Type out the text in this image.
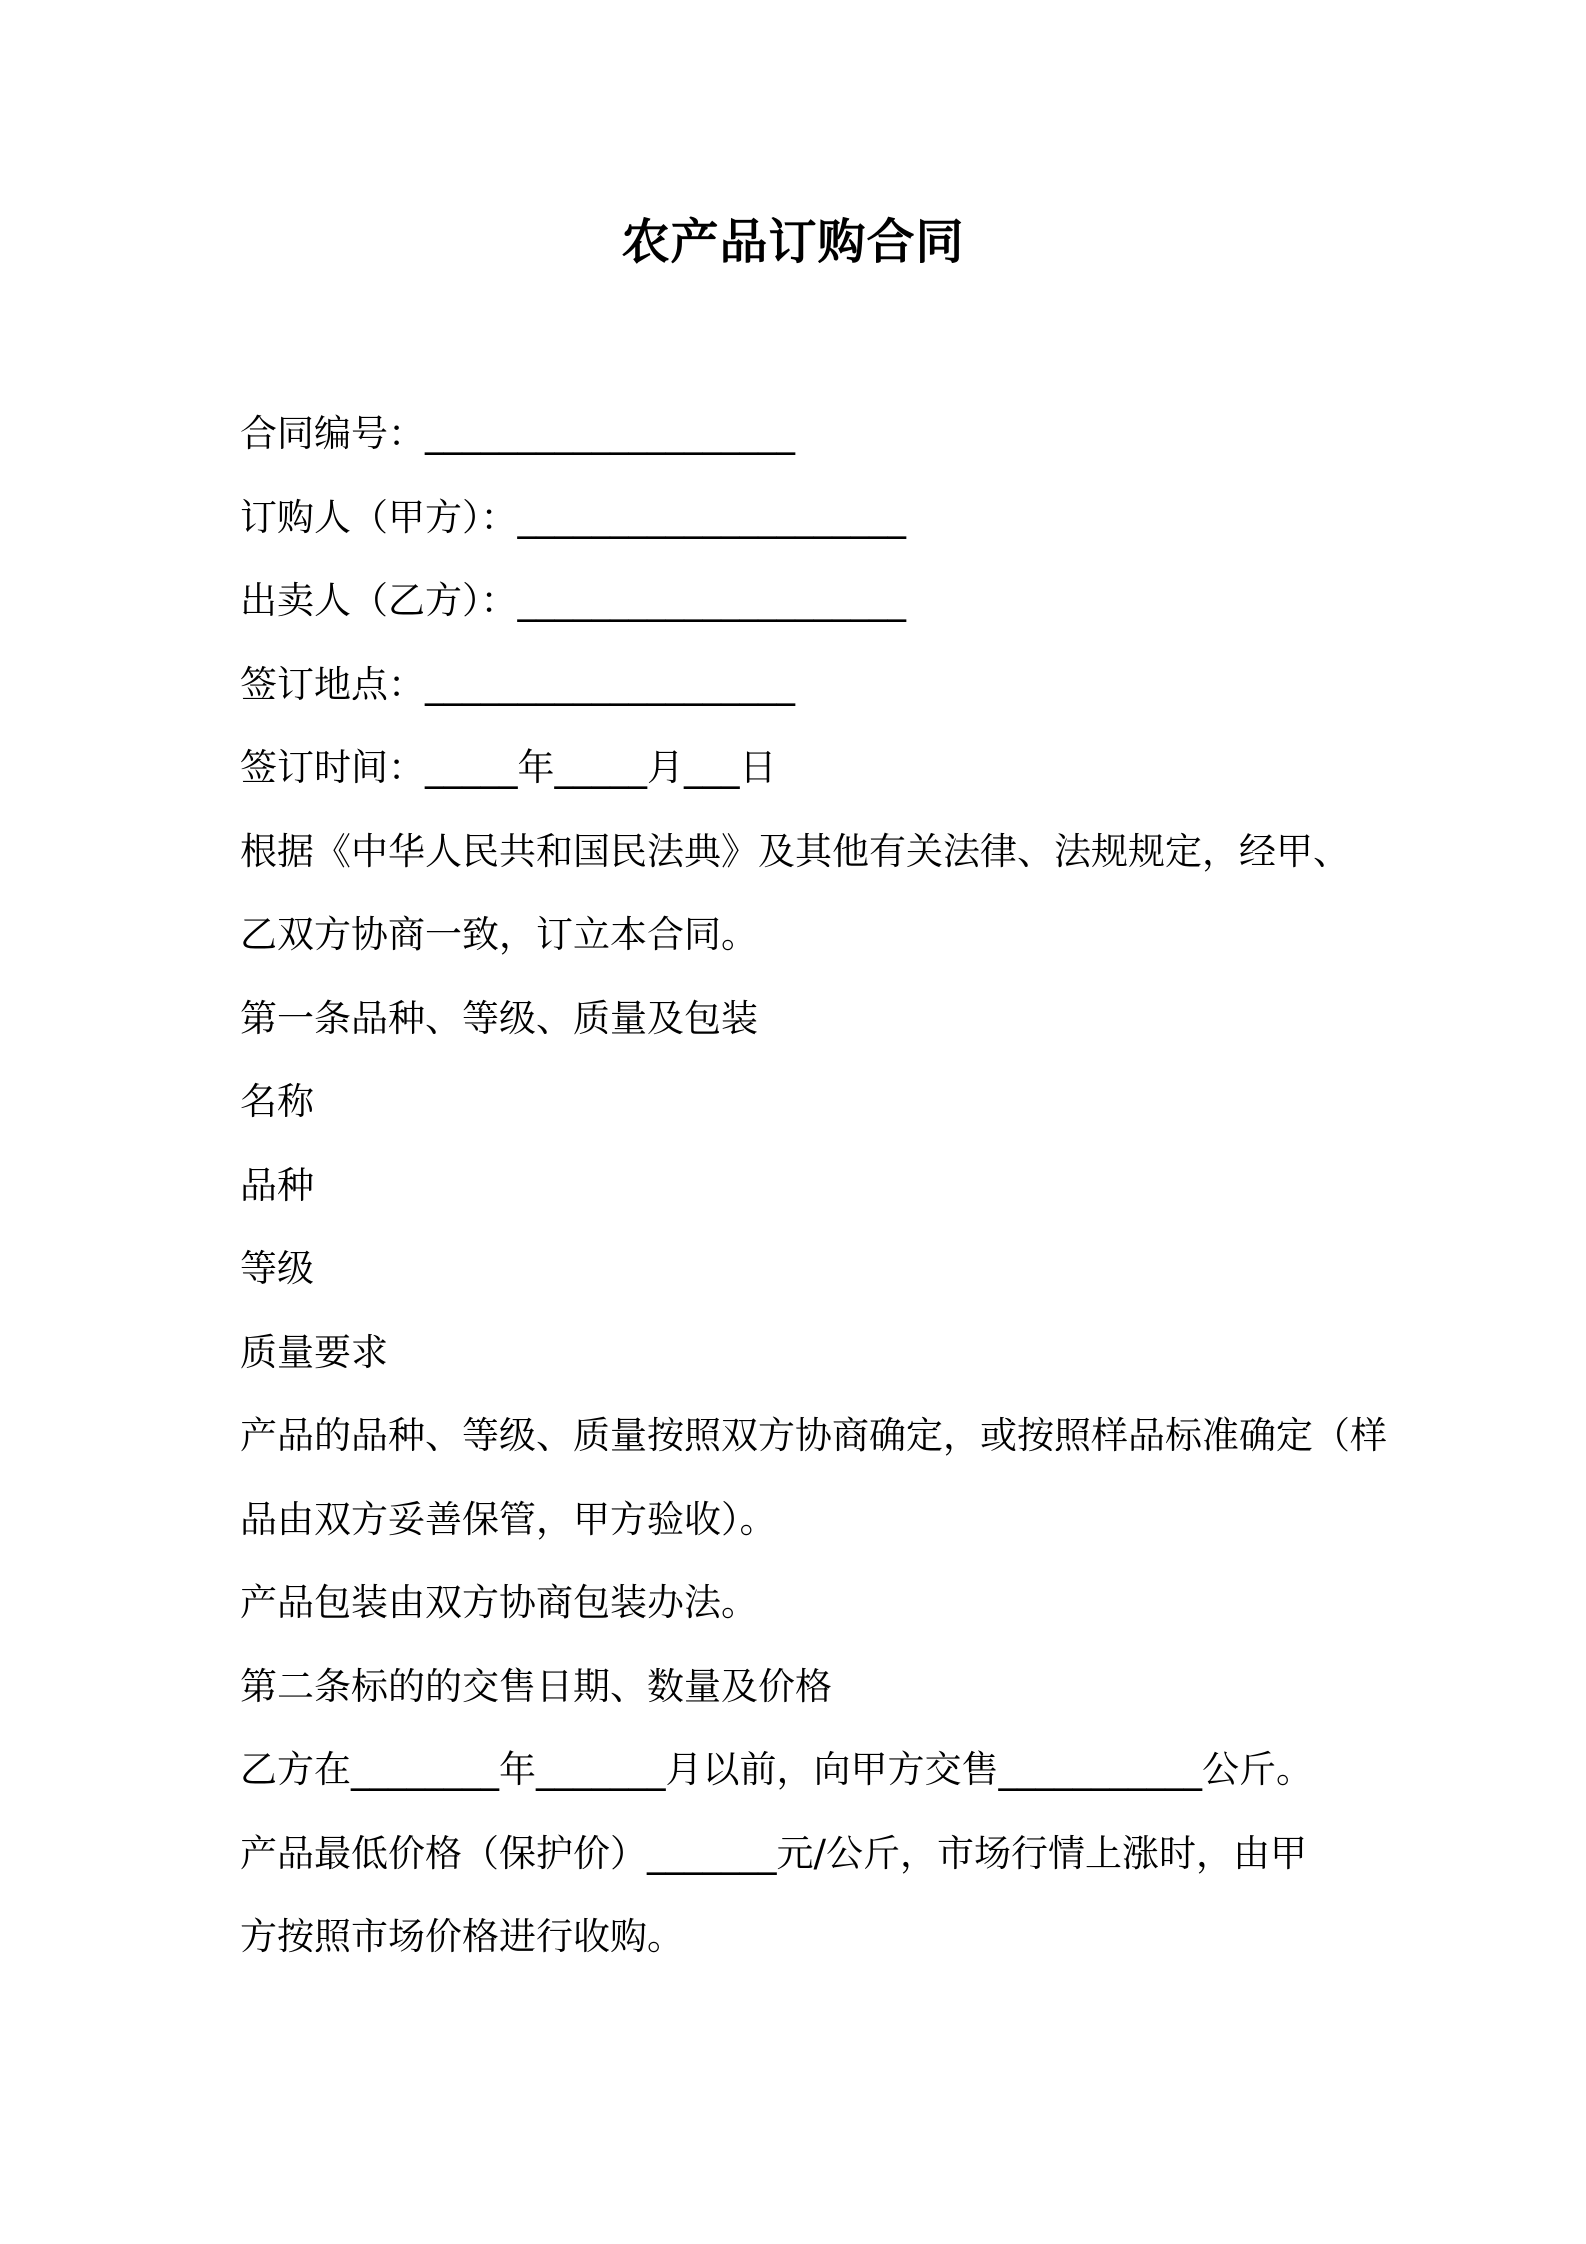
农产品订购合同
合同编号：____________________
订购人（甲方）：_____________________
出卖人（乙方）：_____________________
签订地点：____________________
签订时间：_____年_____月___日
根据《中华人民共和国民法典》及其他有关法律、法规规定，经甲、
乙双方协商一致，订立本合同。
第一条品种、等级、质量及包装
名称
品种
等级
质量要求
产品的品种、等级、质量按照双方协商确定，或按照样品标准确定（样
品由双方妥善保管，甲方验收）。
产品包装由双方协商包装办法。
第二条标的的交售日期、数量及价格
乙方在________年_______月以前，向甲方交售___________公斤。
产品最低价格（保护价）_______元/公斤，市场行情上涨时，由甲
方按照市场价格进行收购。
